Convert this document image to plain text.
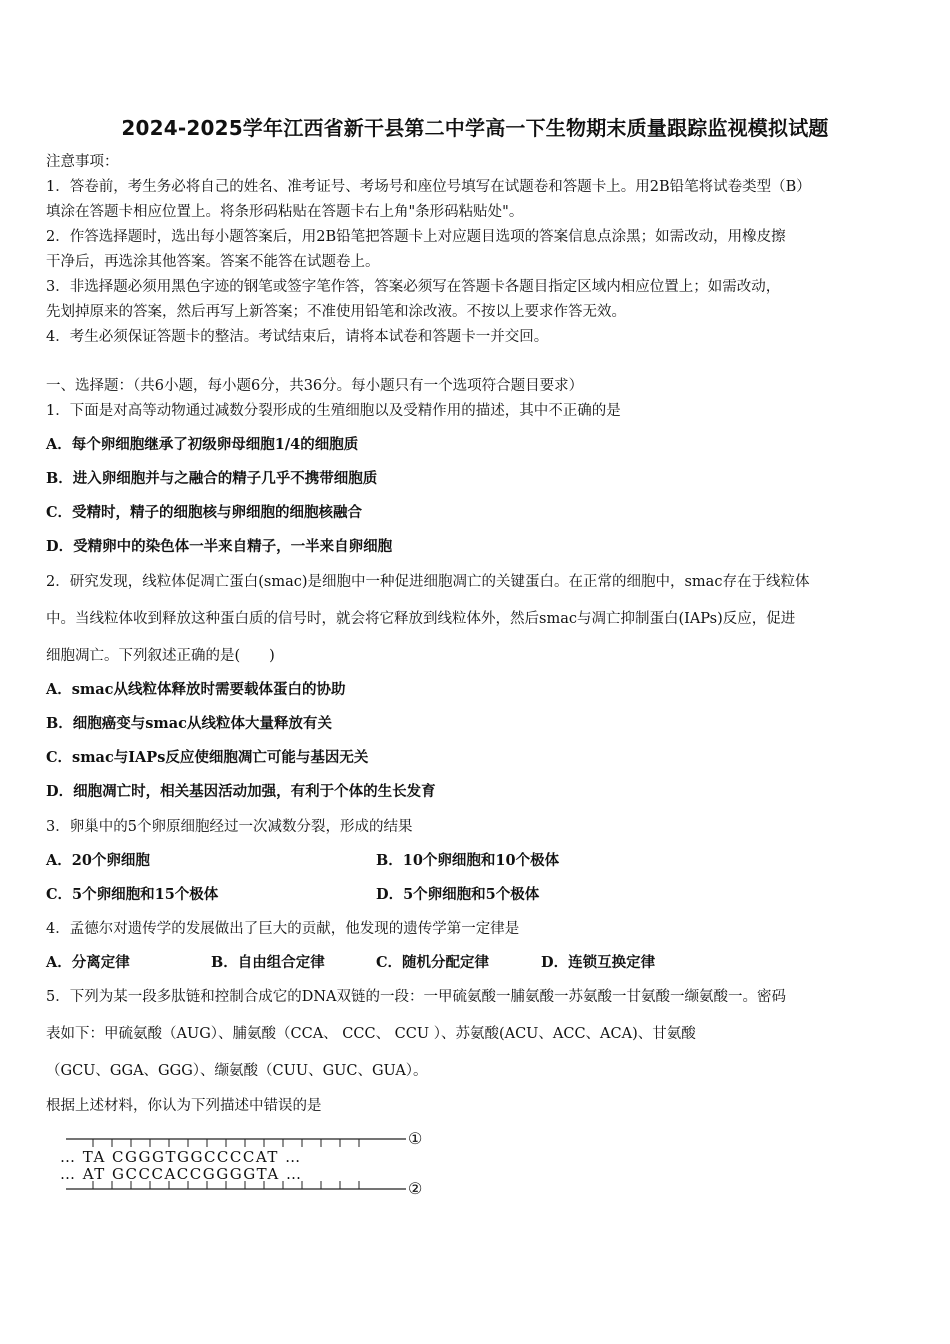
2024-2025学年江西省新干县第二中学高一下生物期末质量跟踪监视模拟试题
注意事项：
1．答卷前，考生务必将自己的姓名、准考证号、考场号和座位号填写在试题卷和答题卡上。用2B铅笔将试卷类型（B）
填涂在答题卡相应位置上。将条形码粘贴在答题卡右上角"条形码粘贴处"。
2．作答选择题时，选出每小题答案后，用2B铅笔把答题卡上对应题目选项的答案信息点涂黑；如需改动，用橡皮擦
干净后，再选涂其他答案。答案不能答在试题卷上。
3．非选择题必须用黑色字迹的钢笔或签字笔作答，答案必须写在答题卡各题目指定区域内相应位置上；如需改动，
先划掉原来的答案，然后再写上新答案；不准使用铅笔和涂改液。不按以上要求作答无效。
4．考生必须保证答题卡的整洁。考试结束后，请将本试卷和答题卡一并交回。
一、选择题：（共6小题，每小题6分，共36分。每小题只有一个选项符合题目要求）
1．下面是对高等动物通过减数分裂形成的生殖细胞以及受精作用的描述，其中不正确的是
A．每个卵细胞继承了初级卵母细胞1/4的细胞质
B．进入卵细胞并与之融合的精子几乎不携带细胞质
C．受精时，精子的细胞核与卵细胞的细胞核融合
D．受精卵中的染色体一半来自精子，一半来自卵细胞
2．研究发现，线粒体促凋亡蛋白(smac)是细胞中一种促进细胞凋亡的关键蛋白。在正常的细胞中，smac存在于线粒体
中。当线粒体收到释放这种蛋白质的信号时，就会将它释放到线粒体外，然后smac与凋亡抑制蛋白(IAPs)反应，促进
细胞凋亡。下列叙述正确的是(　　)
A．smac从线粒体释放时需要载体蛋白的协助
B．细胞癌变与smac从线粒体大量释放有关
C．smac与IAPs反应使细胞凋亡可能与基因无关
D．细胞凋亡时，相关基因活动加强，有利于个体的生长发育
3．卵巢中的5个卵原细胞经过一次减数分裂，形成的结果
A．20个卵细胞	B．10个卵细胞和10个极体
C．5个卵细胞和15个极体	D．5个卵细胞和5个极体
4．孟德尔对遗传学的发展做出了巨大的贡献，他发现的遗传学第一定律是
A．分离定律	B．自由组合定律	C．随机分配定律	D．连锁互换定律
5．下列为某一段多肽链和控制合成它的DNA双链的一段：一甲硫氨酸一脯氨酸一苏氨酸一甘氨酸一缬氨酸一。密码
表如下：甲硫氨酸（AUG）、脯氨酸（CCA、 CCC、 CCU ）、苏氨酸(ACU、ACC、ACA)、甘氨酸
（GCU、GGA、GGG）、缬氨酸（CUU、GUC、GUA）。
根据上述材料，你认为下列描述中错误的是
… TA CGGGTGGCCCCAT …
… AT GCCCACCGGGGTA …
①
②
